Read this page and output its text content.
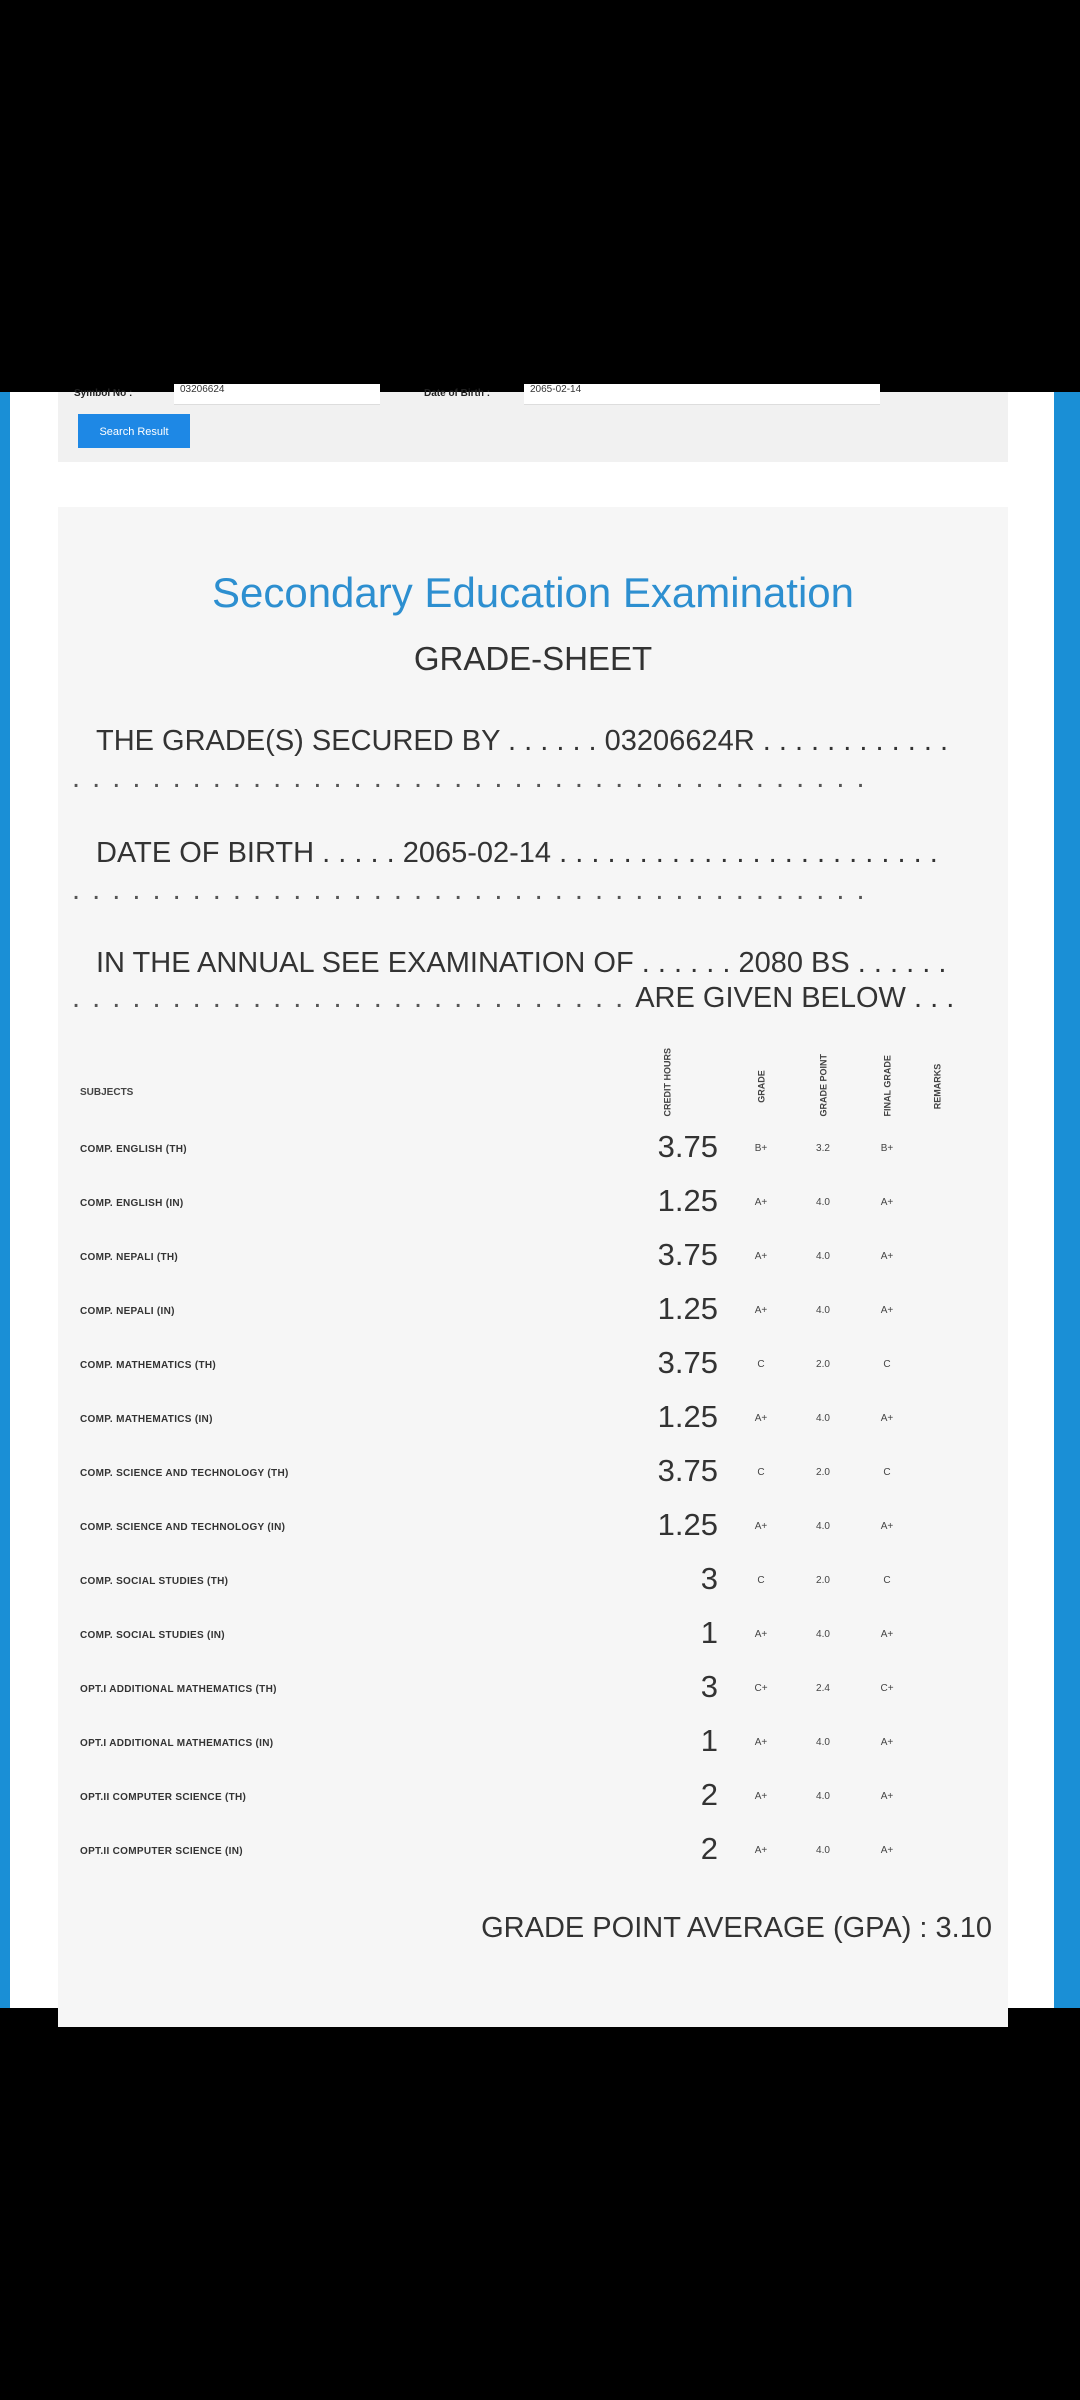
Symbol No :	03206624	Date of Birth :	2065-02-14
Search Result
Secondary Education Examination
GRADE-SHEET
THE GRADE(S) SECURED BY . . . . . . 03206624R . . . . . . . . . . . .
. . . . . . . . . . . . . . . . . . . . . . . . . . . . . . . . . . . . . . . .
DATE OF BIRTH . . . . . 2065-02-14 . . . . . . . . . . . . . . . . . . . . . . . .
. . . . . . . . . . . . . . . . . . . . . . . . . . . . . . . . . . . . . . . .
IN THE ANNUAL SEE EXAMINATION OF . . . . . . 2080 BS . . . . . .
. . . . . . . . . . . . . . . . . . . . . . . . . . . . ARE GIVEN BELOW . . .
SUBJECTS	CREDIT HOURS	GRADE	GRADE POINT	FINAL GRADE	REMARKS
COMP. ENGLISH (TH)	3.75	B+	3.2	B+
COMP. ENGLISH (IN)	1.25	A+	4.0	A+
COMP. NEPALI (TH)	3.75	A+	4.0	A+
COMP. NEPALI (IN)	1.25	A+	4.0	A+
COMP. MATHEMATICS (TH)	3.75	C	2.0	C
COMP. MATHEMATICS (IN)	1.25	A+	4.0	A+
COMP. SCIENCE AND TECHNOLOGY (TH)	3.75	C	2.0	C
COMP. SCIENCE AND TECHNOLOGY (IN)	1.25	A+	4.0	A+
COMP. SOCIAL STUDIES (TH)	3	C	2.0	C
COMP. SOCIAL STUDIES (IN)	1	A+	4.0	A+
OPT.I ADDITIONAL MATHEMATICS (TH)	3	C+	2.4	C+
OPT.I ADDITIONAL MATHEMATICS (IN)	1	A+	4.0	A+
OPT.II COMPUTER SCIENCE (TH)	2	A+	4.0	A+
OPT.II COMPUTER SCIENCE (IN)	2	A+	4.0	A+
GRADE POINT AVERAGE (GPA) : 3.10
